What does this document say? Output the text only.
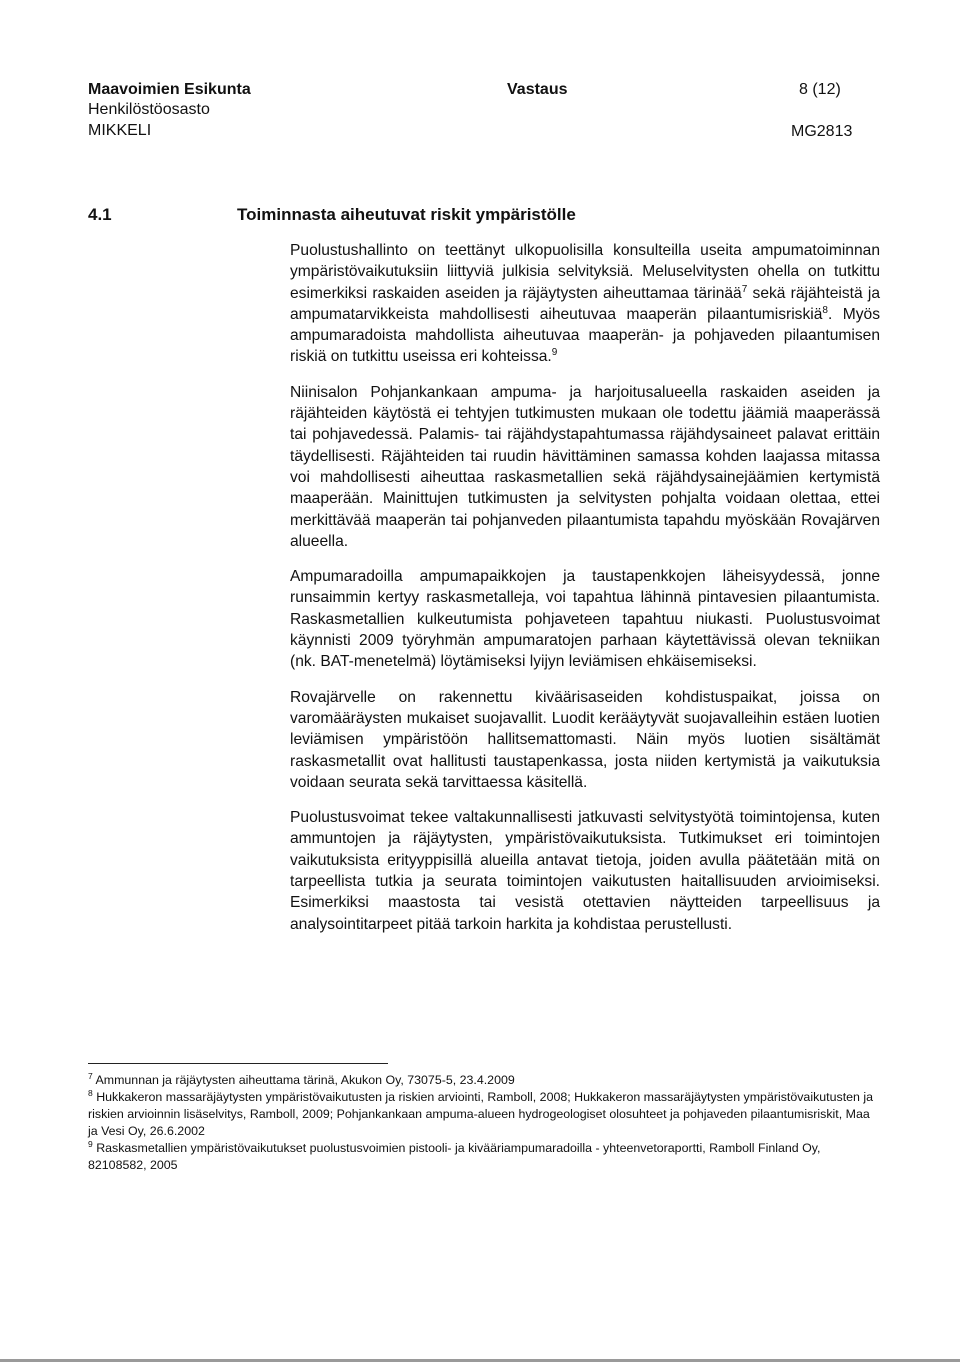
Maavoimien Esikunta
Henkilöstöosasto
MIKKELI
Vastaus	8 (12)
MG2813
4.1	Toiminnasta aiheutuvat riskit ympäristölle

Puolustushallinto on teettänyt ulkopuolisilla konsulteilla useita ampumatoiminnan ympäristövaikutuksiin liittyviä julkisia selvityksiä. Meluselvitysten ohella on tutkittu esimerkiksi raskaiden aseiden ja räjäytysten aiheuttamaa tärinää$^7$ sekä räjähteistä ja ampumatarvikkeista mahdollisesti aiheutuvaa maaperän pilaantumisriskiä$^8$. Myös ampumaradoista mahdollista aiheutuvaa maaperän- ja pohjaveden pilaantumisen riskiä on tutkittu useissa eri kohteissa.$^9$

Niinisalon Pohjankankaan ampuma- ja harjoitusalueella raskaiden aseiden ja räjähteiden käytöstä ei tehtyjen tutkimusten mukaan ole todettu jäämiä maaperässä tai pohjavedessä. Palamis- tai räjähdystapahtumassa räjähdysaineet palavat erittäin täydellisesti. Räjähteiden tai ruudin hävittäminen samassa kohden laajassa mitassa voi mahdollisesti aiheuttaa raskasmetallien sekä räjähdysainejäämien kertymistä maaperään. Mainittujen tutkimusten ja selvitysten pohjalta voidaan olettaa, ettei merkittävää maaperän tai pohjanveden pilaantumista tapahdu myöskään Rovajärven alueella.

Ampumaradoilla ampumapaikkojen ja taustapenkkojen läheisyydessä, jonne runsaimmin kertyy raskasmetalleja, voi tapahtua lähinnä pintavesien pilaantumista. Raskasmetallien kulkeutumista pohjaveteen tapahtuu niukasti. Puolustusvoimat käynnisti 2009 työryhmän ampumaratojen parhaan käytettävissä olevan tekniikan (nk. BAT-menetelmä) löytämiseksi lyijyn leviämisen ehkäisemiseksi.

Rovajärvelle on rakennettu kiväärisaseiden kohdistuspaikat, joissa on varomääräysten mukaiset suojavallit. Luodit kerääytyvät suojavalleihin estäen luotien leviämisen ympäristöön hallitsemattomasti. Näin myös luotien sisältämät raskasmetallit ovat hallitusti taustapenkassa, josta niiden kertymistä ja vaikutuksia voidaan seurata sekä tarvittaessa käsitellä.

Puolustusvoimat tekee valtakunnallisesti jatkuvasti selvitystyötä toimintojensa, kuten ammuntojen ja räjäytysten, ympäristövaikutuksista. Tutkimukset eri toimintojen vaikutuksista erityyppisillä alueilla antavat tietoja, joiden avulla päätetään mitä on tarpeellista tutkia ja seurata toimintojen vaikutusten haitallisuuden arvioimiseksi. Esimerkiksi maastosta tai vesistä otettavien näytteiden tarpeellisuus ja analysointitarpeet pitää tarkoin harkita ja kohdistaa perustellusti.

$^7$ Ammunnan ja räjäytysten aiheuttama tärinä, Akukon Oy, 73075-5, 23.4.2009

$^8$ Hukkakeron massaräjäytysten ympäristövaikutusten ja riskien arviointi, Ramboll, 2008; Hukkakeron massaräjäytysten ympäristövaikutusten ja riskien arvioinnin lisäselvitys, Ramboll, 2009; Pohjankankaan ampuma-alueen hydrogeologiset olosuhteet ja pohjaveden pilaantumisriskit, Maa ja Vesi Oy, 26.6.2002

$^9$ Raskasmetallien ympäristövaikutukset puolustusvoimien pistooli- ja kivääriampumaradoilla - yhteenvetoraportti, Ramboll Finland Oy, 82108582, 2005
